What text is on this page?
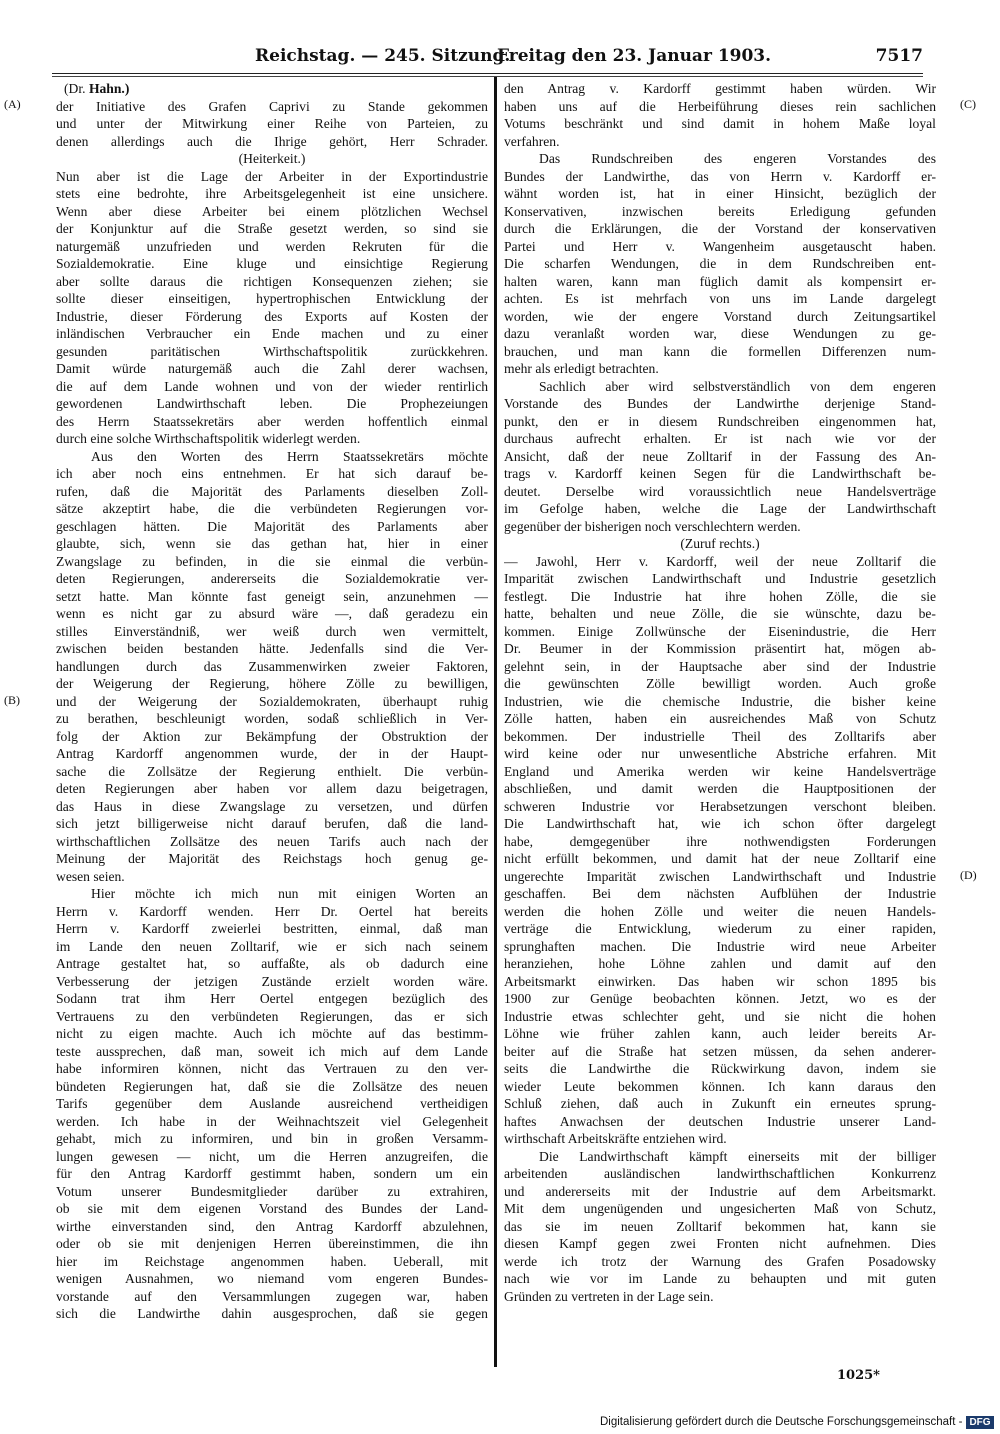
Reichstag. — 245. Sitzung.
Freitag den 23. Januar 1903.	7517
(A)
(B)
(C)
(D)
(Dr. Hahn.)
der Initiative des Grafen Caprivi zu Stande gekommen
und unter der Mitwirkung einer Reihe von Parteien, zu
denen allerdings auch die Ihrige gehört, Herr Schrader.
(Heiterkeit.)
Nun aber ist die Lage der Arbeiter in der Exportindustrie
stets eine bedrohte, ihre Arbeitsgelegenheit ist eine unsichere.
Wenn aber diese Arbeiter bei einem plötzlichen Wechsel
der Konjunktur auf die Straße gesetzt werden, so sind sie
naturgemäß unzufrieden und werden Rekruten für die
Sozialdemokratie. Eine kluge und einsichtige Regierung
aber sollte daraus die richtigen Konsequenzen ziehen; sie
sollte dieser einseitigen, hypertrophischen Entwicklung der
Industrie, dieser Förderung des Exports auf Kosten der
inländischen Verbraucher ein Ende machen und zu einer
gesunden paritätischen Wirthschaftspolitik zurückkehren.
Damit würde naturgemäß auch die Zahl derer wachsen,
die auf dem Lande wohnen und von der wieder rentirlich
gewordenen Landwirthschaft leben. Die Prophezeiungen
des Herrn Staatssekretärs aber werden hoffentlich einmal
durch eine solche Wirthschaftspolitik widerlegt werden.
Aus den Worten des Herrn Staatssekretärs möchte
ich aber noch eins entnehmen. Er hat sich darauf be-
rufen, daß die Majorität des Parlaments dieselben Zoll-
sätze akzeptirt habe, die die verbündeten Regierungen vor-
geschlagen hätten. Die Majorität des Parlaments aber
glaubte, sich, wenn sie das gethan hat, hier in einer
Zwangslage zu befinden, in die sie einmal die verbün-
deten Regierungen, andererseits die Sozialdemokratie ver-
setzt hatte. Man könnte fast geneigt sein, anzunehmen —
wenn es nicht gar zu absurd wäre —, daß geradezu ein
stilles Einverständniß, wer weiß durch wen vermittelt,
zwischen beiden bestanden hätte. Jedenfalls sind die Ver-
handlungen durch das Zusammenwirken zweier Faktoren,
der Weigerung der Regierung, höhere Zölle zu bewilligen,
und der Weigerung der Sozialdemokraten, überhaupt ruhig
zu berathen, beschleunigt worden, sodaß schließlich in Ver-
folg der Aktion zur Bekämpfung der Obstruktion der
Antrag Kardorff angenommen wurde, der in der Haupt-
sache die Zollsätze der Regierung enthielt. Die verbün-
deten Regierungen aber haben vor allem dazu beigetragen,
das Haus in diese Zwangslage zu versetzen, und dürfen
sich jetzt billigerweise nicht darauf berufen, daß die land-
wirthschaftlichen Zollsätze des neuen Tarifs auch nach der
Meinung der Majorität des Reichstags hoch genug ge-
wesen seien.
Hier möchte ich mich nun mit einigen Worten an
Herrn v. Kardorff wenden. Herr Dr. Oertel hat bereits
Herrn v. Kardorff zweierlei bestritten, einmal, daß man
im Lande den neuen Zolltarif, wie er sich nach seinem
Antrage gestaltet hat, so auffaßte, als ob dadurch eine
Verbesserung der jetzigen Zustände erzielt worden wäre.
Sodann trat ihm Herr Oertel entgegen bezüglich des
Vertrauens zu den verbündeten Regierungen, das er sich
nicht zu eigen machte. Auch ich möchte auf das bestimm-
teste aussprechen, daß man, soweit ich mich auf dem Lande
habe informiren können, nicht das Vertrauen zu den ver-
bündeten Regierungen hat, daß sie die Zollsätze des neuen
Tarifs gegenüber dem Auslande ausreichend vertheidigen
werden. Ich habe in der Weihnachtszeit viel Gelegenheit
gehabt, mich zu informiren, und bin in großen Versamm-
lungen gewesen — nicht, um die Herren anzugreifen, die
für den Antrag Kardorff gestimmt haben, sondern um ein
Votum unserer Bundesmitglieder darüber zu extrahiren,
ob sie mit dem eigenen Vorstand des Bundes der Land-
wirthe einverstanden sind, den Antrag Kardorff abzulehnen,
oder ob sie mit denjenigen Herren übereinstimmen, die ihn
hier im Reichstage angenommen haben. Ueberall, mit
wenigen Ausnahmen, wo niemand vom engeren Bundes-
vorstande auf den Versammlungen zugegen war, haben
sich die Landwirthe dahin ausgesprochen, daß sie gegen
den Antrag v. Kardorff gestimmt haben würden. Wir
haben uns auf die Herbeiführung dieses rein sachlichen
Votums beschränkt und sind damit in hohem Maße loyal
verfahren.
Das Rundschreiben des engeren Vorstandes des
Bundes der Landwirthe, das von Herrn v. Kardorff er-
wähnt worden ist, hat in einer Hinsicht, bezüglich der
Konservativen, inzwischen bereits Erledigung gefunden
durch die Erklärungen, die der Vorstand der konservativen
Partei und Herr v. Wangenheim ausgetauscht haben.
Die scharfen Wendungen, die in dem Rundschreiben ent-
halten waren, kann man füglich damit als kompensirt er-
achten. Es ist mehrfach von uns im Lande dargelegt
worden, wie der engere Vorstand durch Zeitungsartikel
dazu veranlaßt worden war, diese Wendungen zu ge-
brauchen, und man kann die formellen Differenzen num-
mehr als erledigt betrachten.
Sachlich aber wird selbstverständlich von dem engeren
Vorstande des Bundes der Landwirthe derjenige Stand-
punkt, den er in diesem Rundschreiben eingenommen hat,
durchaus aufrecht erhalten. Er ist nach wie vor der
Ansicht, daß der neue Zolltarif in der Fassung des An-
trags v. Kardorff keinen Segen für die Landwirthschaft be-
deutet. Derselbe wird voraussichtlich neue Handelsverträge
im Gefolge haben, welche die Lage der Landwirthschaft
gegenüber der bisherigen noch verschlechtern werden.
(Zuruf rechts.)
— Jawohl, Herr v. Kardorff, weil der neue Zolltarif die
Imparität zwischen Landwirthschaft und Industrie gesetzlich
festlegt. Die Industrie hat ihre hohen Zölle, die sie
hatte, behalten und neue Zölle, die sie wünschte, dazu be-
kommen. Einige Zollwünsche der Eisenindustrie, die Herr
Dr. Beumer in der Kommission präsentirt hat, mögen ab-
gelehnt sein, in der Hauptsache aber sind der Industrie
die gewünschten Zölle bewilligt worden. Auch große
Industrien, wie die chemische Industrie, die bisher keine
Zölle hatten, haben ein ausreichendes Maß von Schutz
bekommen. Der industrielle Theil des Zolltarifs aber
wird keine oder nur unwesentliche Abstriche erfahren. Mit
England und Amerika werden wir keine Handelsverträge
abschließen, und damit werden die Hauptpositionen der
schweren Industrie vor Herabsetzungen verschont bleiben.
Die Landwirthschaft hat, wie ich schon öfter dargelegt
habe, demgegenüber ihre nothwendigsten Forderungen
nicht erfüllt bekommen, und damit hat der neue Zolltarif eine
ungerechte Imparität zwischen Landwirthschaft und Industrie
geschaffen. Bei dem nächsten Aufblühen der Industrie
werden die hohen Zölle und weiter die neuen Handels-
verträge die Entwicklung, wiederum zu einer rapiden,
sprunghaften machen. Die Industrie wird neue Arbeiter
heranziehen, hohe Löhne zahlen und damit auf den
Arbeitsmarkt einwirken. Das haben wir schon 1895 bis
1900 zur Genüge beobachten können. Jetzt, wo es der
Industrie etwas schlechter geht, und sie nicht die hohen
Löhne wie früher zahlen kann, auch leider bereits Ar-
beiter auf die Straße hat setzen müssen, da sehen anderer-
seits die Landwirthe die Rückwirkung davon, indem sie
wieder Leute bekommen können. Ich kann daraus den
Schluß ziehen, daß auch in Zukunft ein erneutes sprung-
haftes Anwachsen der deutschen Industrie unserer Land-
wirthschaft Arbeitskräfte entziehen wird.
Die Landwirthschaft kämpft einerseits mit der billiger
arbeitenden ausländischen landwirthschaftlichen Konkurrenz
und andererseits mit der Industrie auf dem Arbeitsmarkt.
Mit dem ungenügenden und ungesicherten Maß von Schutz,
das sie im neuen Zolltarif bekommen hat, kann sie
diesen Kampf gegen zwei Fronten nicht aufnehmen. Dies
werde ich trotz der Warnung des Grafen Posadowsky
nach wie vor im Lande zu behaupten und mit guten
Gründen zu vertreten in der Lage sein.
1025*
Digitalisierung gefördert durch die Deutsche Forschungsgemeinschaft - DFG
